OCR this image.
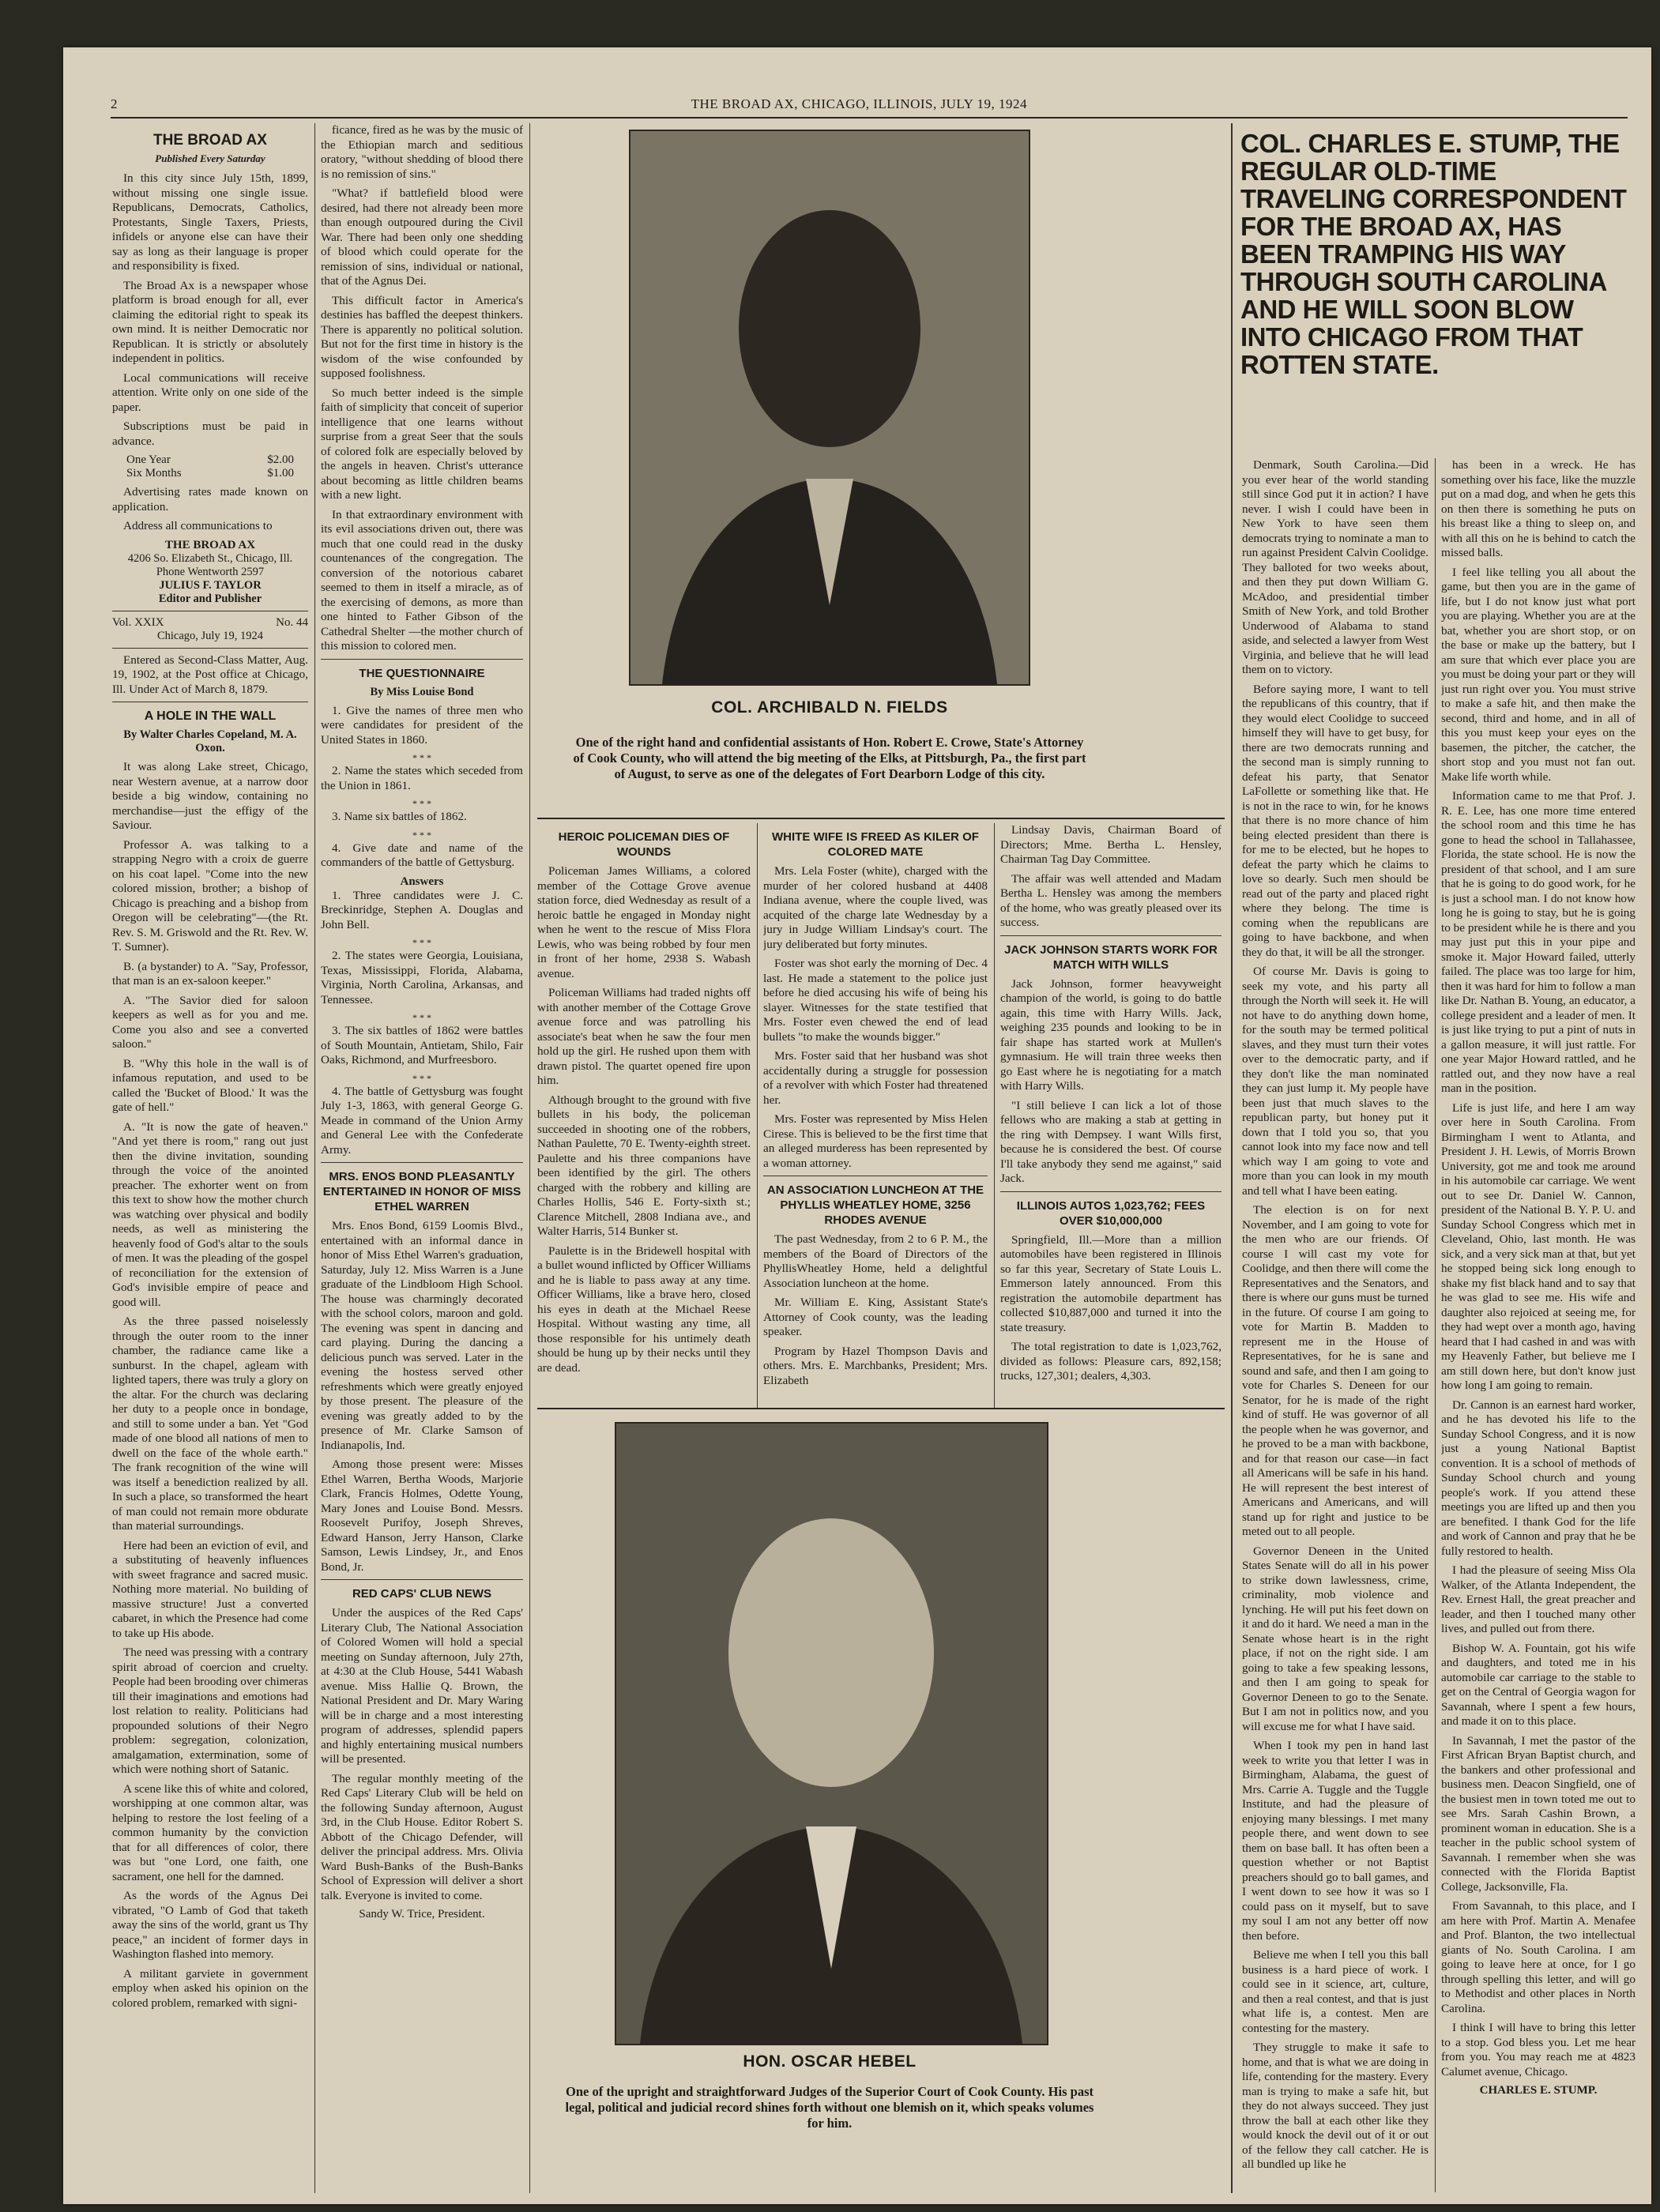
2	THE BROAD AX, CHICAGO, ILLINOIS, JULY 19, 1924
THE BROAD AX
Published Every Saturday

In this city since July 15th, 1899, without missing one single issue. Republicans, Democrats, Catholics, Protestants, Single Taxers, Priests, infidels or anyone else can have their say as long as their language is proper and responsibility is fixed.

The Broad Ax is a newspaper whose platform is broad enough for all, ever claiming the editorial right to speak its own mind. It is neither Democratic nor Republican. It is strictly or absolutely independent in politics.

Local communications will receive attention. Write only on one side of the paper.

Subscriptions must be paid in advance.

One Year	$2.00
Six Months	$1.00

Advertising rates made known on application.

Address all communications to

THE BROAD AX
4206 So. Elizabeth St., Chicago, Ill.
Phone Wentworth 2597
JULIUS F. TAYLOR
Editor and Publisher
Vol. XXIX	No. 44
Chicago, July 19, 1924

Entered as Second-Class Matter, Aug. 19, 1902, at the Post office at Chicago, Ill. Under Act of March 8, 1879.

A HOLE IN THE WALL
By Walter Charles Copeland, M. A. Oxon.

It was along Lake street, Chicago, near Western avenue, at a narrow door beside a big window, containing no merchandise—just the effigy of the Saviour.

Professor A. was talking to a strapping Negro with a croix de guerre on his coat lapel. "Come into the new colored mission, brother; a bishop of Chicago is preaching and a bishop from Oregon will be celebrating"—(the Rt. Rev. S. M. Griswold and the Rt. Rev. W. T. Sumner).

B. (a bystander) to A. "Say, Professor, that man is an ex-saloon keeper."

A. "The Savior died for saloon keepers as well as for you and me. Come you also and see a converted saloon."

B. "Why this hole in the wall is of infamous reputation, and used to be called the 'Bucket of Blood.' It was the gate of hell."

A. "It is now the gate of heaven." "And yet there is room," rang out just then the divine invitation, sounding through the voice of the anointed preacher. The exhorter went on from this text to show how the mother church was watching over physical and bodily needs, as well as ministering the heavenly food of God's altar to the souls of men. It was the pleading of the gospel of reconciliation for the extension of God's invisible empire of peace and good will.

As the three passed noiselessly through the outer room to the inner chamber, the radiance came like a sunburst. In the chapel, agleam with lighted tapers, there was truly a glory on the altar. For the church was declaring her duty to a people once in bondage, and still to some under a ban. Yet "God made of one blood all nations of men to dwell on the face of the whole earth." The frank recognition of the wine will was itself a benediction realized by all. In such a place, so transformed the heart of man could not remain more obdurate than material surroundings.

Here had been an eviction of evil, and a substituting of heavenly influences with sweet fragrance and sacred music. Nothing more material. No building of massive structure! Just a converted cabaret, in which the Presence had come to take up His abode.

The need was pressing with a contrary spirit abroad of coercion and cruelty. People had been brooding over chimeras till their imaginations and emotions had lost relation to reality. Politicians had propounded solutions of their Negro problem: segregation, colonization, amalgamation, extermination, some of which were nothing short of Satanic.

A scene like this of white and colored, worshipping at one common altar, was helping to restore the lost feeling of a common humanity by the conviction that for all differences of color, there was but "one Lord, one faith, one sacrament, one hell for the damned.

As the words of the Agnus Dei vibrated, "O Lamb of God that taketh away the sins of the world, grant us Thy peace," an incident of former days in Washington flashed into memory.

A militant garviete in government employ when asked his opinion on the colored problem, remarked with signi-

ficance, fired as he was by the music of the Ethiopian march and seditious oratory, "without shedding of blood there is no remission of sins."

"What? if battlefield blood were desired, had there not already been more than enough outpoured during the Civil War. There had been only one shedding of blood which could operate for the remission of sins, individual or national, that of the Agnus Dei.

This difficult factor in America's destinies has baffled the deepest thinkers. There is apparently no political solution. But not for the first time in history is the wisdom of the wise confounded by supposed foolishness.

So much better indeed is the simple faith of simplicity that conceit of superior intelligence that one learns without surprise from a great Seer that the souls of colored folk are especially beloved by the angels in heaven. Christ's utterance about becoming as little children beams with a new light.

In that extraordinary environment with its evil associations driven out, there was much that one could read in the dusky countenances of the congregation. The conversion of the notorious cabaret seemed to them in itself a miracle, as of the exercising of demons, as more than one hinted to Father Gibson of the Cathedral Shelter —the mother church of this mission to colored men.

THE QUESTIONNAIRE
By Miss Louise Bond

1. Give the names of three men who were candidates for president of the United States in 1860.

* * *

2. Name the states which seceded from the Union in 1861.

* * *

3. Name six battles of 1862.

* * *

4. Give date and name of the commanders of the battle of Gettysburg.

Answers

1. Three candidates were J. C. Breckinridge, Stephen A. Douglas and John Bell.

* * *

2. The states were Georgia, Louisiana, Texas, Mississippi, Florida, Alabama, Virginia, North Carolina, Arkansas, and Tennessee.

* * *

3. The six battles of 1862 were battles of South Mountain, Antietam, Shilo, Fair Oaks, Richmond, and Murfreesboro.

* * *

4. The battle of Gettysburg was fought July 1-3, 1863, with general George G. Meade in command of the Union Army and General Lee with the Confederate Army.

MRS. ENOS BOND PLEASANTLY ENTERTAINED IN HONOR OF MISS ETHEL WARREN

Mrs. Enos Bond, 6159 Loomis Blvd., entertained with an informal dance in honor of Miss Ethel Warren's graduation, Saturday, July 12. Miss Warren is a June graduate of the Lindbloom High School. The house was charmingly decorated with the school colors, maroon and gold. The evening was spent in dancing and card playing. During the dancing a delicious punch was served. Later in the evening the hostess served other refreshments which were greatly enjoyed by those present. The pleasure of the evening was greatly added to by the presence of Mr. Clarke Samson of Indianapolis, Ind.

Among those present were: Misses Ethel Warren, Bertha Woods, Marjorie Clark, Francis Holmes, Odette Young, Mary Jones and Louise Bond. Messrs. Roosevelt Purifoy, Joseph Shreves, Edward Hanson, Jerry Hanson, Clarke Samson, Lewis Lindsey, Jr., and Enos Bond, Jr.

RED CAPS' CLUB NEWS

Under the auspices of the Red Caps' Literary Club, The National Association of Colored Women will hold a special meeting on Sunday afternoon, July 27th, at 4:30 at the Club House, 5441 Wabash avenue. Miss Hallie Q. Brown, the National President and Dr. Mary Waring will be in charge and a most interesting program of addresses, splendid papers and highly entertaining musical numbers will be presented.

The regular monthly meeting of the Red Caps' Literary Club will be held on the following Sunday afternoon, August 3rd, in the Club House. Editor Robert S. Abbott of the Chicago Defender, will deliver the principal address. Mrs. Olivia Ward Bush-Banks of the Bush-Banks School of Expression will deliver a short talk. Everyone is invited to come.

Sandy W. Trice, President.
COL. ARCHIBALD N. FIELDS
One of the right hand and confidential assistants of Hon. Robert E. Crowe, State's Attorney of Cook County, who will attend the big meeting of the Elks, at Pittsburgh, Pa., the first part of August, to serve as one of the delegates of Fort Dearborn Lodge of this city.
HEROIC POLICEMAN DIES OF WOUNDS

Policeman James Williams, a colored member of the Cottage Grove avenue station force, died Wednesday as result of a heroic battle he engaged in Monday night when he went to the rescue of Miss Flora Lewis, who was being robbed by four men in front of her home, 2938 S. Wabash avenue.

Policeman Williams had traded nights off with another member of the Cottage Grove avenue force and was patrolling his associate's beat when he saw the four men hold up the girl. He rushed upon them with drawn pistol. The quartet opened fire upon him.

Although brought to the ground with five bullets in his body, the policeman succeeded in shooting one of the robbers, Nathan Paulette, 70 E. Twenty-eighth street. Paulette and his three companions have been identified by the girl. The others charged with the robbery and killing are Charles Hollis, 546 E. Forty-sixth st.; Clarence Mitchell, 2808 Indiana ave., and Walter Harris, 514 Bunker st.

Paulette is in the Bridewell hospital with a bullet wound inflicted by Officer Williams and he is liable to pass away at any time. Officer Williams, like a brave hero, closed his eyes in death at the Michael Reese Hospital. Without wasting any time, all those responsible for his untimely death should be hung up by their necks until they are dead.

WHITE WIFE IS FREED AS KILER OF COLORED MATE

Mrs. Lela Foster (white), charged with the murder of her colored husband at 4408 Indiana avenue, where the couple lived, was acquited of the charge late Wednesday by a jury in Judge William Lindsay's court. The jury deliberated but forty minutes.

Foster was shot early the morning of Dec. 4 last. He made a statement to the police just before he died accusing his wife of being his slayer. Witnesses for the state testified that Mrs. Foster even chewed the end of lead bullets "to make the wounds bigger."

Mrs. Foster said that her husband was shot accidentally during a struggle for possession of a revolver with which Foster had threatened her.

Mrs. Foster was represented by Miss Helen Cirese. This is believed to be the first time that an alleged murderess has been represented by a woman attorney.

AN ASSOCIATION LUNCHEON AT THE PHYLLIS WHEATLEY HOME, 3256 RHODES AVENUE

The past Wednesday, from 2 to 6 P. M., the members of the Board of Directors of the PhyllisWheatley Home, held a delightful Association luncheon at the home.

Mr. William E. King, Assistant State's Attorney of Cook county, was the leading speaker.

Program by Hazel Thompson Davis and others. Mrs. E. Marchbanks, President; Mrs. Elizabeth

Lindsay Davis, Chairman Board of Directors; Mme. Bertha L. Hensley, Chairman Tag Day Committee.

The affair was well attended and Madam Bertha L. Hensley was among the members of the home, who was greatly pleased over its success.

JACK JOHNSON STARTS WORK FOR MATCH WITH WILLS

Jack Johnson, former heavyweight champion of the world, is going to do battle again, this time with Harry Wills. Jack, weighing 235 pounds and looking to be in fair shape has started work at Mullen's gymnasium. He will train three weeks then go East where he is negotiating for a match with Harry Wills.

"I still believe I can lick a lot of those fellows who are making a stab at getting in the ring with Dempsey. I want Wills first, because he is considered the best. Of course I'll take anybody they send me against," said Jack.

ILLINOIS AUTOS 1,023,762; FEES OVER $10,000,000

Springfield, Ill.—More than a million automobiles have been registered in Illinois so far this year, Secretary of State Louis L. Emmerson lately announced. From this registration the automobile department has collected $10,887,000 and turned it into the state treasury.

The total registration to date is 1,023,762, divided as follows: Pleasure cars, 892,158; trucks, 127,301; dealers, 4,303.

HON. OSCAR HEBEL
One of the upright and straightforward Judges of the Superior Court of Cook County. His past legal, political and judicial record shines forth without one blemish on it, which speaks volumes for him.
COL. CHARLES E. STUMP, THE REGULAR OLD-TIME TRAVELING CORRESPONDENT FOR THE BROAD AX, HAS BEEN TRAMPING HIS WAY THROUGH SOUTH CAROLINA AND HE WILL SOON BLOW INTO CHICAGO FROM THAT ROTTEN STATE.

Denmark, South Carolina.—Did you ever hear of the world standing still since God put it in action? I have never. I wish I could have been in New York to have seen them democrats trying to nominate a man to run against President Calvin Coolidge. They balloted for two weeks about, and then they put down William G. McAdoo, and presidential timber Smith of New York, and told Brother Underwood of Alabama to stand aside, and selected a lawyer from West Virginia, and believe that he will lead them on to victory.

Before saying more, I want to tell the republicans of this country, that if they would elect Coolidge to succeed himself they will have to get busy, for there are two democrats running and the second man is simply running to defeat his party, that Senator LaFollette or something like that. He is not in the race to win, for he knows that there is no more chance of him being elected president than there is for me to be elected, but he hopes to defeat the party which he claims to love so dearly. Such men should be read out of the party and placed right where they belong. The time is coming when the republicans are going to have backbone, and when they do that, it will be all the stronger.

Of course Mr. Davis is going to seek my vote, and his party all through the North will seek it. He will not have to do anything down home, for the south may be termed political slaves, and they must turn their votes over to the democratic party, and if they don't like the man nominated they can just lump it. My people have been just that much slaves to the republican party, but honey put it down that I told you so, that you cannot look into my face now and tell which way I am going to vote and more than you can look in my mouth and tell what I have been eating.

The election is on for next November, and I am going to vote for the men who are our friends. Of course I will cast my vote for Coolidge, and then there will come the Representatives and the Senators, and there is where our guns must be turned in the future. Of course I am going to vote for Martin B. Madden to represent me in the House of Representatives, for he is sane and sound and safe, and then I am going to vote for Charles S. Deneen for our Senator, for he is made of the right kind of stuff. He was governor of all the people when he was governor, and he proved to be a man with backbone, and for that reason our case—in fact all Americans will be safe in his hand. He will represent the best interest of Americans and Americans, and will stand up for right and justice to be meted out to all people.

Governor Deneen in the United States Senate will do all in his power to strike down lawlessness, crime, criminality, mob violence and lynching. He will put his feet down on it and do it hard. We need a man in the Senate whose heart is in the right place, if not on the right side. I am going to take a few speaking lessons, and then I am going to speak for Governor Deneen to go to the Senate. But I am not in politics now, and you will excuse me for what I have said.

When I took my pen in hand last week to write you that letter I was in Birmingham, Alabama, the guest of Mrs. Carrie A. Tuggle and the Tuggle Institute, and had the pleasure of enjoying many blessings. I met many people there, and went down to see them on base ball. It has often been a question whether or not Baptist preachers should go to ball games, and I went down to see how it was so I could pass on it myself, but to save my soul I am not any better off now then before.

Believe me when I tell you this ball business is a hard piece of work. I could see in it science, art, culture, and then a real contest, and that is just what life is, a contest. Men are contesting for the mastery.

They struggle to make it safe to home, and that is what we are doing in life, contending for the mastery. Every man is trying to make a safe hit, but they do not always succeed. They just throw the ball at each other like they would knock the devil out of it or out of the fellow they call catcher. He is all bundled up like he

has been in a wreck. He has something over his face, like the muzzle put on a mad dog, and when he gets this on then there is something he puts on his breast like a thing to sleep on, and with all this on he is behind to catch the missed balls.

I feel like telling you all about the game, but then you are in the game of life, but I do not know just what port you are playing. Whether you are at the bat, whether you are short stop, or on the base or make up the battery, but I am sure that which ever place you are you must be doing your part or they will just run right over you. You must strive to make a safe hit, and then make the second, third and home, and in all of this you must keep your eyes on the basemen, the pitcher, the catcher, the short stop and you must not fan out. Make life worth while.

Information came to me that Prof. J. R. E. Lee, has one more time entered the school room and this time he has gone to head the school in Tallahassee, Florida, the state school. He is now the president of that school, and I am sure that he is going to do good work, for he is just a school man. I do not know how long he is going to stay, but he is going to be president while he is there and you may just put this in your pipe and smoke it. Major Howard failed, utterly failed. The place was too large for him, then it was hard for him to follow a man like Dr. Nathan B. Young, an educator, a college president and a leader of men. It is just like trying to put a pint of nuts in a gallon measure, it will just rattle. For one year Major Howard rattled, and he rattled out, and they now have a real man in the position.

Life is just life, and here I am way over here in South Carolina. From Birmingham I went to Atlanta, and President J. H. Lewis, of Morris Brown University, got me and took me around in his automobile car carriage. We went out to see Dr. Daniel W. Cannon, president of the National B. Y. P. U. and Sunday School Congress which met in Cleveland, Ohio, last month. He was sick, and a very sick man at that, but yet he stopped being sick long enough to shake my fist black hand and to say that he was glad to see me. His wife and daughter also rejoiced at seeing me, for they had wept over a month ago, having heard that I had cashed in and was with my Heavenly Father, but believe me I am still down here, but don't know just how long I am going to remain.

Dr. Cannon is an earnest hard worker, and he has devoted his life to the Sunday School Congress, and it is now just a young National Baptist convention. It is a school of methods of Sunday School church and young people's work. If you attend these meetings you are lifted up and then you are benefited. I thank God for the life and work of Cannon and pray that he be fully restored to health.

I had the pleasure of seeing Miss Ola Walker, of the Atlanta Independent, the Rev. Ernest Hall, the great preacher and leader, and then I touched many other lives, and pulled out from there.

Bishop W. A. Fountain, got his wife and daughters, and toted me in his automobile car carriage to the stable to get on the Central of Georgia wagon for Savannah, where I spent a few hours, and made it on to this place.

In Savannah, I met the pastor of the First African Bryan Baptist church, and the bankers and other professional and business men. Deacon Singfield, one of the busiest men in town toted me out to see Mrs. Sarah Cashin Brown, a prominent woman in education. She is a teacher in the public school system of Savannah. I remember when she was connected with the Florida Baptist College, Jacksonville, Fla.

From Savannah, to this place, and I am here with Prof. Martin A. Menafee and Prof. Blanton, the two intellectual giants of No. South Carolina. I am going to leave here at once, for I go through spelling this letter, and will go to Methodist and other places in North Carolina.

I think I will have to bring this letter to a stop. God bless you. Let me hear from you. You may reach me at 4823 Calumet avenue, Chicago.

CHARLES E. STUMP.
